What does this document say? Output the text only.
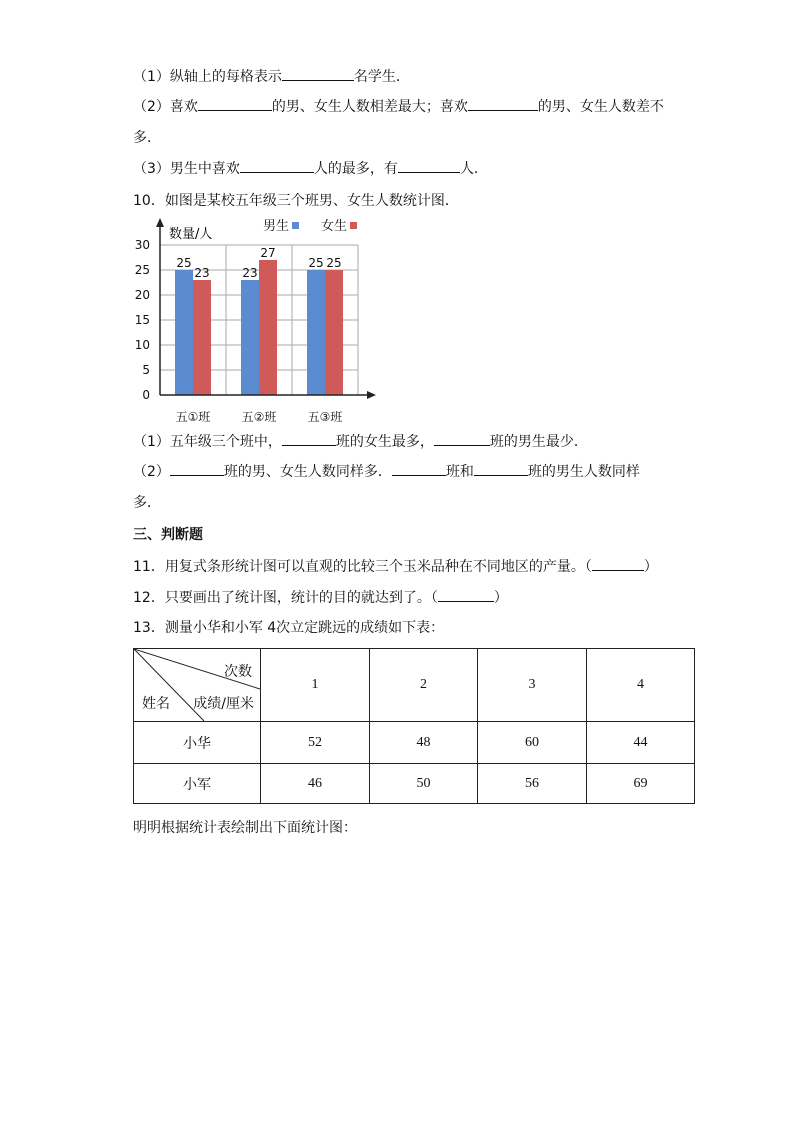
（1）纵轴上的每格表示	名学生．
（2）喜欢	的男、女生人数相差最大；喜欢	的男、女生人数差不
多．
（3）男生中喜欢	人的最多，有	人．
10．如图是某校五年级三个班男、女生人数统计图．
0
5
10
15
20
25
30
25
23
五①班
23
27
五②班
25 25
五③班
男生 女生
数量/人
（1）五年级三个班中，	班的女生最多，	班的男生最少．
（2）	班的男、女生人数同样多．	班和	班的男生人数同样
多．
三、判断题
11．用复式条形统计图可以直观的比较三个玉米品种在不同地区的产量。（	）
12．只要画出了统计图，统计的目的就达到了。（	）
13．测量小华和小军 4次立定跳远的成绩如下表：
次数
成绩/厘米
姓名	1	2	3	4
小华	52	48	60	44
小军	46	50	56	69
明明根据统计表绘制出下面统计图：
